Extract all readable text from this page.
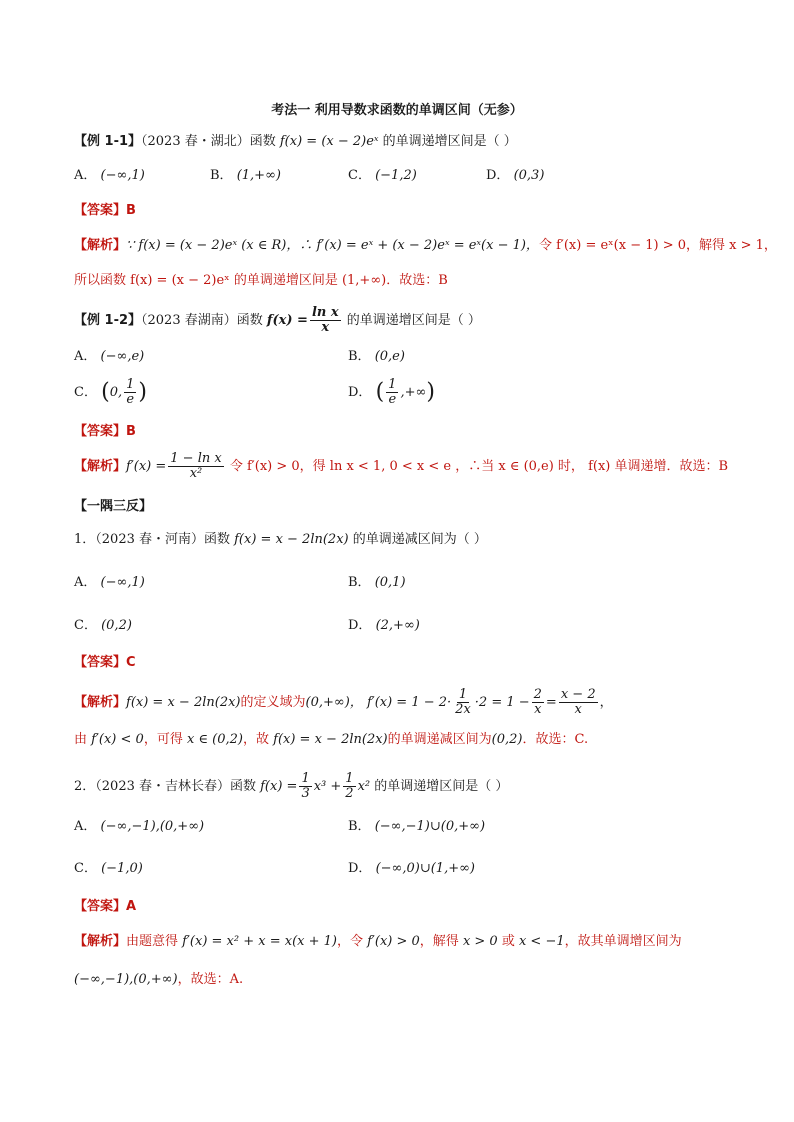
考法一 利用导数求函数的单调区间（无参）
【例 1-1】（2023 春・湖北）函数 f(x) = (x − 2)eˣ 的单调递增区间是（ ）
A． (−∞,1)	B． (1,+∞)	C． (−1,2)	D． (0,3)
【答案】B
【解析】∵ f(x) = (x − 2)eˣ (x ∈ R)，∴ f′(x) = eˣ + (x − 2)eˣ = eˣ(x − 1)，令 f′(x) = eˣ(x − 1) > 0，解得 x > 1，
所以函数 f(x) = (x − 2)eˣ 的单调递增区间是 (1,+∞)．故选：B
【例 1-2】（2023 春湖南）函数 $f(x) = \frac{\text{ln x}}{x}$ 的单调递增区间是（ ）
A． (−∞,e)	B． (0,e)
C． (0, $\frac{1}{e}$ )	D． ( $\frac{1}{e}$ ,+∞)
【答案】B
【解析】$f'(x) = \frac{\text{1 − ln x}}{\text{x²}}$ 令 f′(x) > 0，得 ln x < 1, 0 < x < e ，∴当 x ∈ (0,e) 时， f(x) 单调递增．故选：B
【一隅三反】
1．（2023 春・河南）函数 f(x) = x − 2ln(2x) 的单调递减区间为（ ）
A． (−∞,1)	B． (0,1)
C． (0,2)	D． (2,+∞)
【答案】C
【解析】f(x) = x − 2ln(2x)的定义域为(0,+∞)， $f'(x) = 1 - 2\cdot \frac{1}{2x} \cdot 2 = 1 - \frac{2}{x} = \frac{x - 2}{x}$ ，
由 f′(x) < 0，可得 x ∈ (0,2)，故 f(x) = x − 2ln(2x)的单调递减区间为(0,2)．故选：C.
2．（2023 春・吉林长春）函数 $f(x) = \frac{1}{3} x^3 + \frac{1}{2} x^2$ 的单调递增区间是（ ）
A． (−∞,−1),(0,+∞)	B． (−∞,−1)∪(0,+∞)
C． (−1,0)	D． (−∞,0)∪(1,+∞)
【答案】A
【解析】由题意得 f′(x) = x² + x = x(x + 1)，令 f′(x) > 0，解得 x > 0 或 x < −1，故其单调增区间为
(−∞,−1),(0,+∞)，故选：A.
